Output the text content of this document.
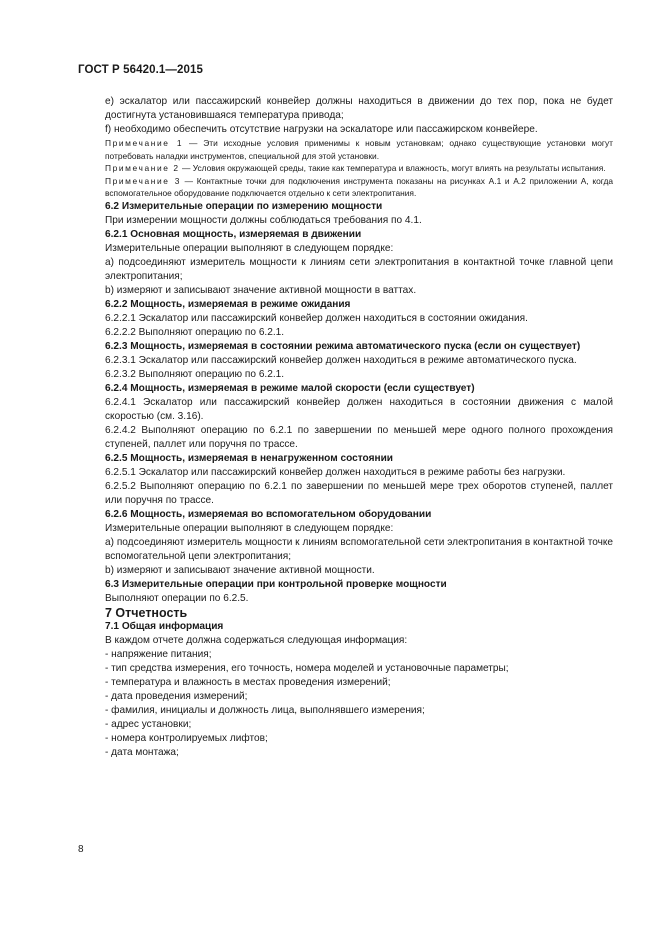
ГОСТ Р 56420.1—2015

е) эскалатор или пассажирский конвейер должны находиться в движении до тех пор, пока не будет достигнута установившаяся температура привода;

f) необходимо обеспечить отсутствие нагрузки на эскалаторе или пассажирском конвейере.

Примечание 1 — Эти исходные условия применимы к новым установкам; однако существующие установки могут потребовать наладки инструментов, специальной для этой установки.

Примечание 2 — Условия окружающей среды, такие как температура и влажность, могут влиять на результаты испытания.

Примечание 3 — Контактные точки для подключения инструмента показаны на рисунках А.1 и А.2 приложении А, когда вспомогательное оборудование подключается отдельно к сети электропитания.

6.2 Измерительные операции по измерению мощности

При измерении мощности должны соблюдаться требования по 4.1.

6.2.1 Основная мощность, измеряемая в движении

Измерительные операции выполняют в следующем порядке:

а) подсоединяют измеритель мощности к линиям сети электропитания в контактной точке главной цепи электропитания;

b) измеряют и записывают значение активной мощности в ваттах.

6.2.2 Мощность, измеряемая в режиме ожидания

6.2.2.1 Эскалатор или пассажирский конвейер должен находиться в состоянии ожидания.

6.2.2.2 Выполняют операцию по 6.2.1.

6.2.3 Мощность, измеряемая в состоянии режима автоматического пуска (если он существует)

6.2.3.1 Эскалатор или пассажирский конвейер должен находиться в режиме автоматического пуска.

6.2.3.2 Выполняют операцию по 6.2.1.

6.2.4 Мощность, измеряемая в режиме малой скорости (если существует)

6.2.4.1 Эскалатор или пассажирский конвейер должен находиться в состоянии движения с малой скоростью (см. 3.16).

6.2.4.2 Выполняют операцию по 6.2.1 по завершении по меньшей мере одного полного прохождения ступеней, паллет или поручня по трассе.

6.2.5 Мощность, измеряемая в ненагруженном состоянии

6.2.5.1 Эскалатор или пассажирский конвейер должен находиться в режиме работы без нагрузки.

6.2.5.2 Выполняют операцию по 6.2.1 по завершении по меньшей мере трех оборотов ступеней, паллет или поручня по трассе.

6.2.6 Мощность, измеряемая во вспомогательном оборудовании

Измерительные операции выполняют в следующем порядке:

а) подсоединяют измеритель мощности к линиям вспомогательной сети электропитания в контактной точке вспомогательной цепи электропитания;

b) измеряют и записывают значение активной мощности.

6.3 Измерительные операции при контрольной проверке мощности

Выполняют операции по 6.2.5.

7 Отчетность

7.1 Общая информация

В каждом отчете должна содержаться следующая информация:

- напряжение питания;

- тип средства измерения, его точность, номера моделей и установочные параметры;

- температура и влажность в местах проведения измерений;

- дата проведения измерений;

- фамилия, инициалы и должность лица, выполнявшего измерения;

- адрес установки;

- номера контролируемых лифтов;

- дата монтажа;

8
